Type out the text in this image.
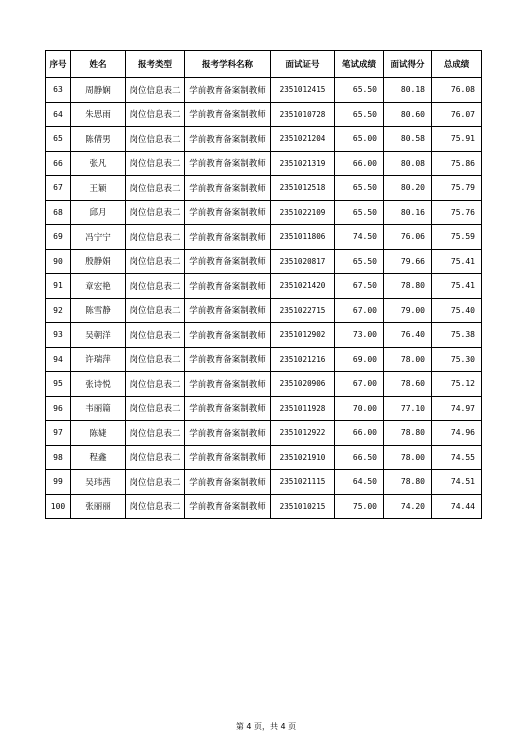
序号	姓名	报考类型	报考学科名称	面试证号	笔试成绩	面试得分	总成绩
63	周静娴	岗位信息表二	学前教育备案制教师	2351012415	65.50	80.18	76.08
64	朱思雨	岗位信息表二	学前教育备案制教师	2351010728	65.50	80.60	76.07
65	陈倩男	岗位信息表二	学前教育备案制教师	2351021204	65.00	80.58	75.91
66	张凡	岗位信息表二	学前教育备案制教师	2351021319	66.00	80.08	75.86
67	王颖	岗位信息表二	学前教育备案制教师	2351012518	65.50	80.20	75.79
68	邱月	岗位信息表二	学前教育备案制教师	2351022109	65.50	80.16	75.76
69	冯宁宁	岗位信息表二	学前教育备案制教师	2351011806	74.50	76.06	75.59
90	殷静娟	岗位信息表二	学前教育备案制教师	2351020817	65.50	79.66	75.41
91	章宏艳	岗位信息表二	学前教育备案制教师	2351021420	67.50	78.80	75.41
92	陈雪静	岗位信息表二	学前教育备案制教师	2351022715	67.00	79.00	75.40
93	吴朝洋	岗位信息表二	学前教育备案制教师	2351012902	73.00	76.40	75.38
94	许瑞萍	岗位信息表二	学前教育备案制教师	2351021216	69.00	78.00	75.30
95	张诗悦	岗位信息表二	学前教育备案制教师	2351020906	67.00	78.60	75.12
96	韦丽篇	岗位信息表二	学前教育备案制教师	2351011928	70.00	77.10	74.97
97	陈婕	岗位信息表二	学前教育备案制教师	2351012922	66.00	78.80	74.96
98	程鑫	岗位信息表二	学前教育备案制教师	2351021910	66.50	78.00	74.55
99	吴玮茜	岗位信息表二	学前教育备案制教师	2351021115	64.50	78.80	74.51
100	张丽丽	岗位信息表二	学前教育备案制教师	2351010215	75.00	74.20	74.44
第 4 页，共 4 页
